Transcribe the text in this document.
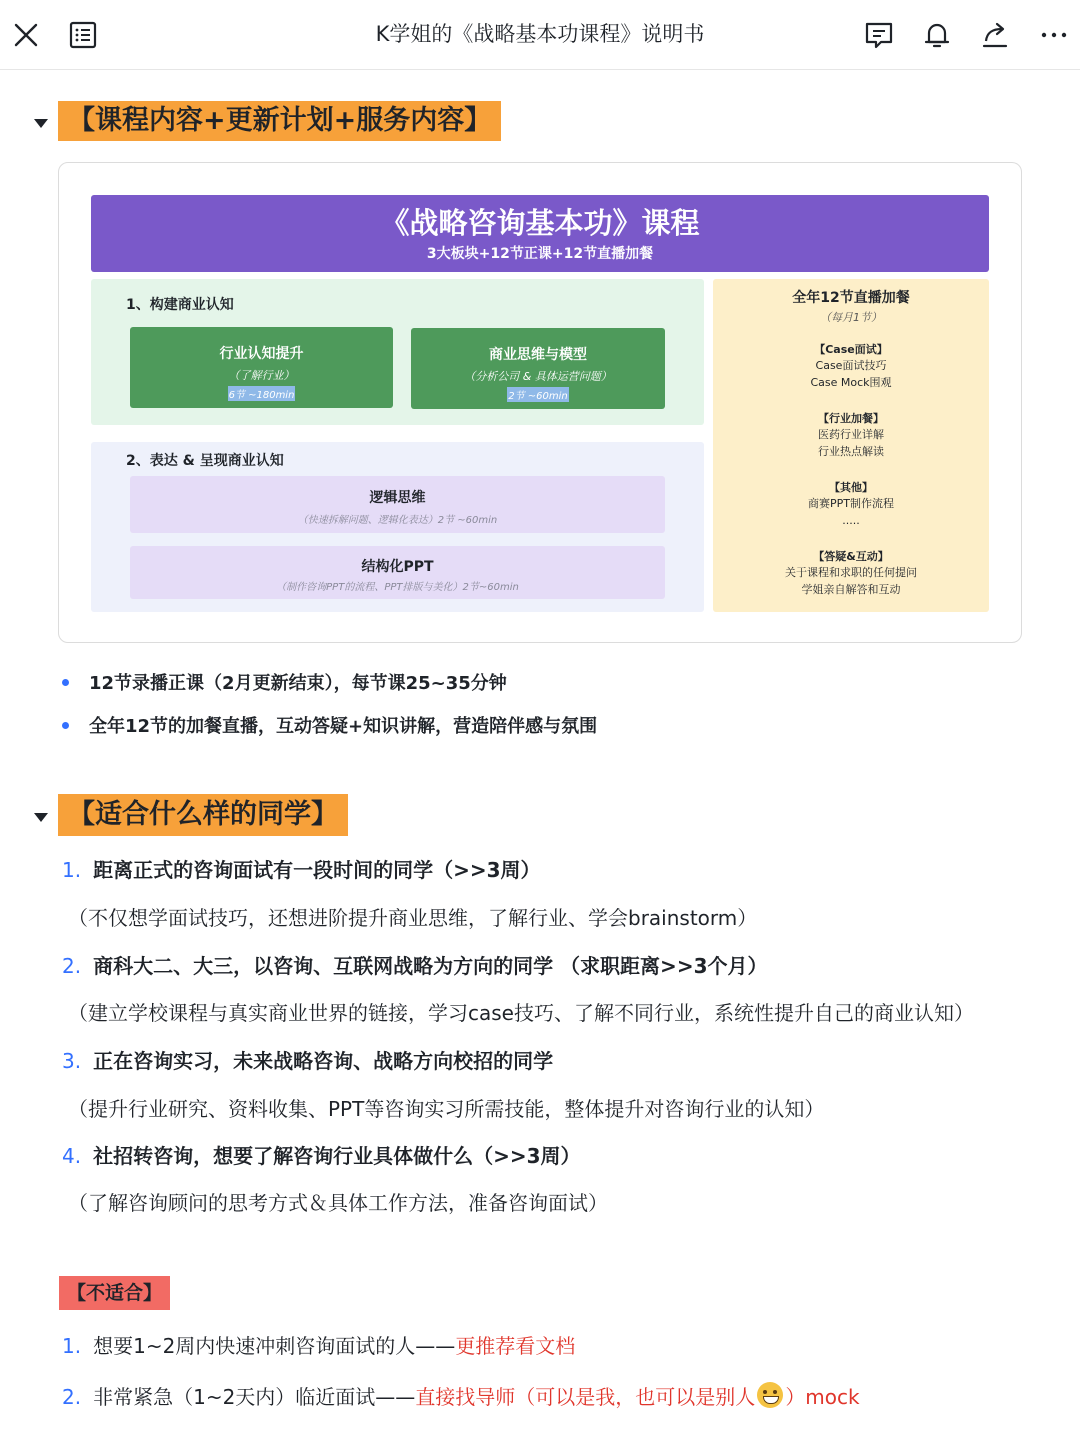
K学姐的《战略基本功课程》说明书
【课程内容+更新计划+服务内容】
《战略咨询基本功》课程
3大板块+12节正课+12节直播加餐
1、构建商业认知
行业认知提升
（了解行业）
6节 ~180min
商业思维与模型
（分析公司 & 具体运营问题）
2节 ~60min
2、表达 & 呈现商业认知
逻辑思维
（快速拆解问题、逻辑化表达）2节 ~60min
结构化PPT
（制作咨询PPT的流程、PPT排版与美化）2节~60min
全年12节直播加餐
（每月1节）
【Case面试】
Case面试技巧
Case Mock围观
【行业加餐】
医药行业详解
行业热点解读
【其他】
商赛PPT制作流程
.....
【答疑&互动】
关于课程和求职的任何提问
学姐亲自解答和互动
12节录播正课（2月更新结束），每节课25~35分钟
全年12节的加餐直播，互动答疑+知识讲解，营造陪伴感与氛围
【适合什么样的同学】
1. 距离正式的咨询面试有一段时间的同学（>>3周）
（不仅想学面试技巧，还想进阶提升商业思维，了解行业、学会brainstorm）
2. 商科大二、大三，以咨询、互联网战略为方向的同学 （求职距离>>3个月）
（建立学校课程与真实商业世界的链接，学习case技巧、了解不同行业，系统性提升自己的商业认知）
3. 正在咨询实习，未来战略咨询、战略方向校招的同学
（提升行业研究、资料收集、PPT等咨询实习所需技能，整体提升对咨询行业的认知）
4. 社招转咨询，想要了解咨询行业具体做什么（>>3周）
（了解咨询顾问的思考方式＆具体工作方法，准备咨询面试）
【不适合】
1. 想要1~2周内快速冲刺咨询面试的人——更推荐看文档
2. 非常紧急（1~2天内）临近面试——直接找导师（可以是我，也可以是别人 ）mock
